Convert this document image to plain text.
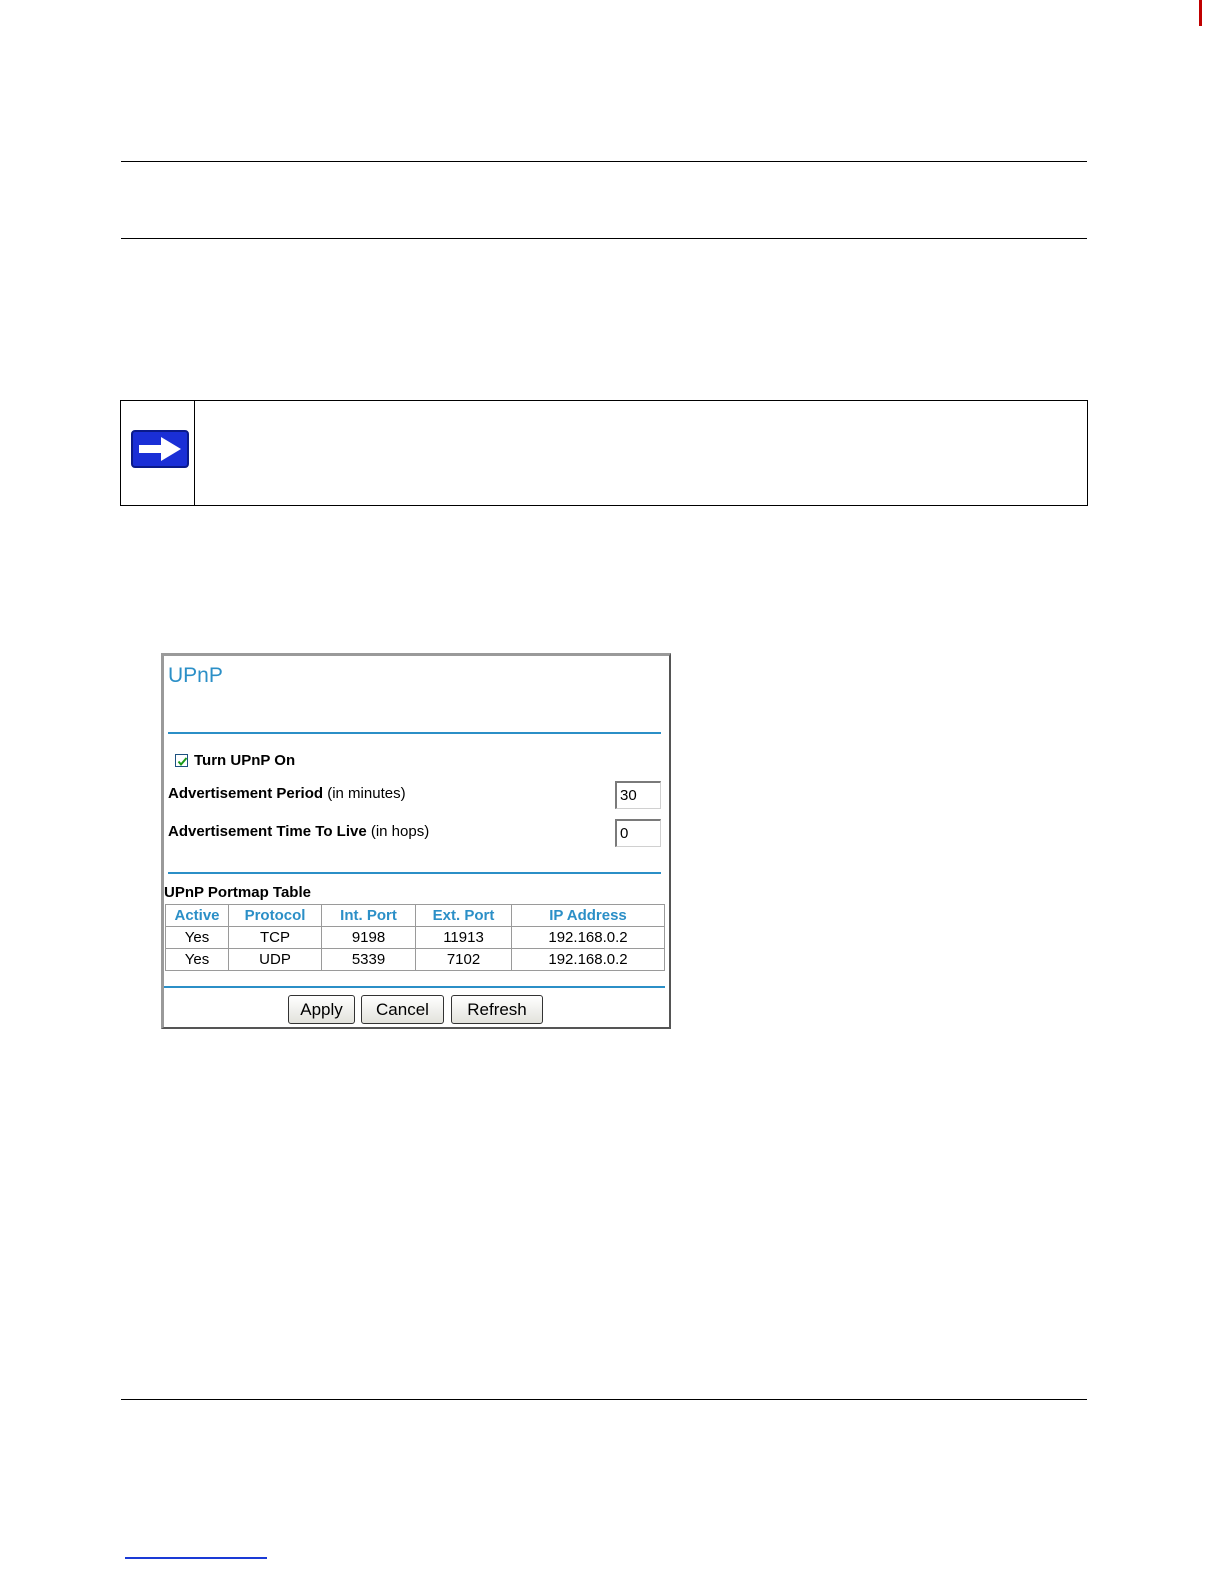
UPnP
Turn UPnP On
Advertisement Period (in minutes)
30
Advertisement Time To Live (in hops)
0
UPnP Portmap Table
Active	Protocol	Int. Port	Ext. Port	IP Address
Yes	TCP	9198	11913	192.168.0.2
Yes	UDP	5339	7102	192.168.0.2
Apply	Cancel	Refresh
